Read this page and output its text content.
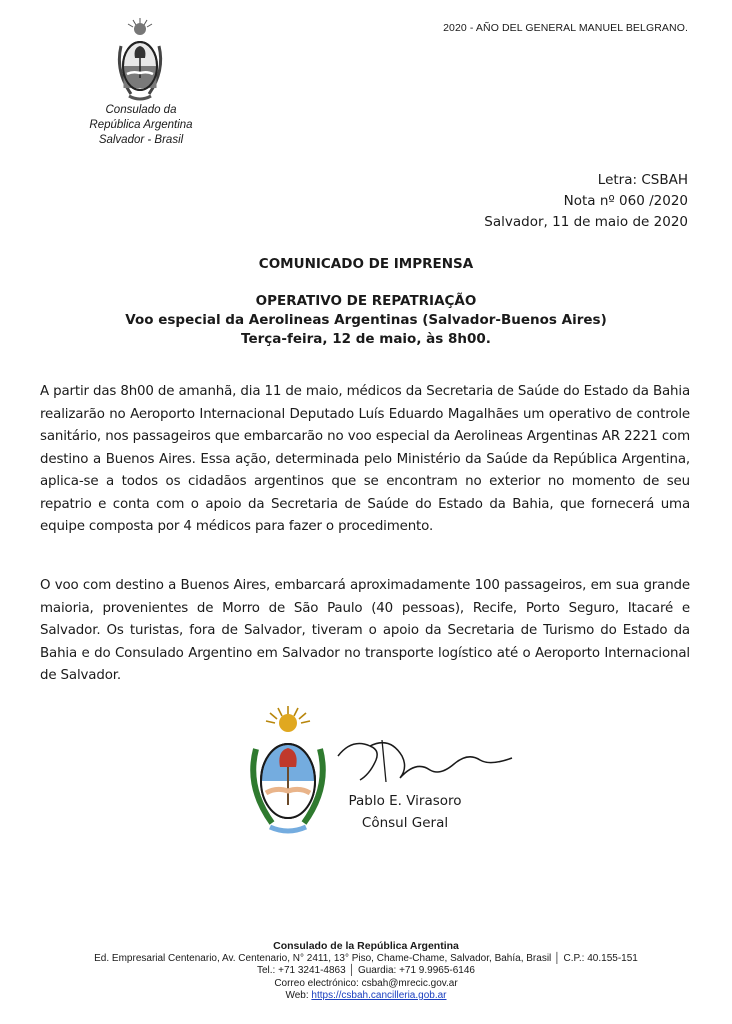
2020 - AÑO DEL GENERAL MANUEL BELGRANO.
Consulado da
República Argentina
Salvador - Brasil
Letra: CSBAH
Nota nº 060 /2020
Salvador, 11 de maio de 2020
COMUNICADO DE IMPRENSA
OPERATIVO DE REPATRIAÇÃO
Voo especial da Aerolineas Argentinas (Salvador-Buenos Aires)
Terça-feira, 12 de maio, às 8h00.
A partir das 8h00 de amanhã, dia 11 de maio, médicos da Secretaria de Saúde do Estado da Bahia realizarão no Aeroporto Internacional Deputado Luís Eduardo Magalhães um operativo de controle sanitário, nos passageiros que embarcarão no voo especial da Aerolineas Argentinas AR 2221 com destino a Buenos Aires. Essa ação, determinada pelo Ministério da Saúde da República Argentina, aplica-se a todos os cidadãos argentinos que se encontram no exterior no momento de seu repatrio e conta com o apoio da Secretaria de Saúde do Estado da Bahia, que fornecerá uma equipe composta por 4 médicos para fazer o procedimento.
O voo com destino a Buenos Aires, embarcará aproximadamente 100 passageiros, em sua grande maioria, provenientes de Morro de São Paulo (40 pessoas), Recife, Porto Seguro, Itacaré e Salvador. Os turistas, fora de Salvador, tiveram o apoio da Secretaria de Turismo do Estado da Bahia e do Consulado Argentino em Salvador no transporte logístico até o Aeroporto Internacional de Salvador.
Pablo E. Virasoro
Cônsul Geral
Consulado de la República Argentina
Ed. Empresarial Centenario, Av. Centenario, N° 2411, 13° Piso, Chame-Chame, Salvador, Bahía, Brasil │ C.P.: 40.155-151
Tel.: +71 3241-4863 │ Guardia: +71 9.9965-6146
Correo electrónico: csbah@mrecic.gov.ar
Web: https://csbah.cancilleria.gob.ar
